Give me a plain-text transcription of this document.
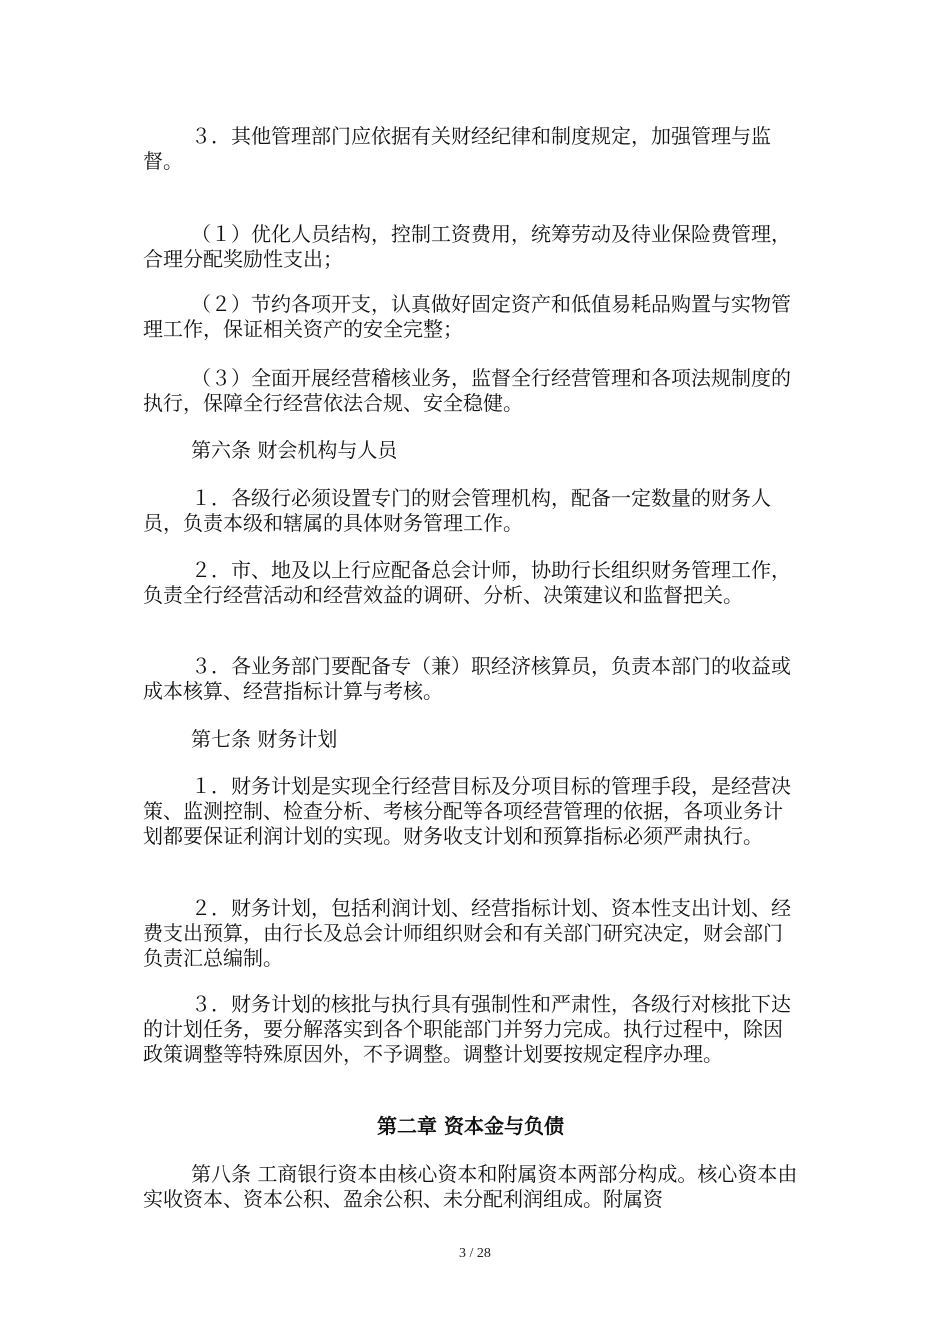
３．其他管理部门应依据有关财经纪律和制度规定，加强管理与监督。

（１）优化人员结构，控制工资费用，统筹劳动及待业保险费管理，合理分配奖励性支出；

（２）节约各项开支，认真做好固定资产和低值易耗品购置与实物管理工作，保证相关资产的安全完整；

（３）全面开展经营稽核业务，监督全行经营管理和各项法规制度的执行，保障全行经营依法合规、安全稳健。

第六条 财会机构与人员

１．各级行必须设置专门的财会管理机构，配备一定数量的财务人员，负责本级和辖属的具体财务管理工作。

２．市、地及以上行应配备总会计师，协助行长组织财务管理工作，负责全行经营活动和经营效益的调研、分析、决策建议和监督把关。

３．各业务部门要配备专（兼）职经济核算员，负责本部门的收益或成本核算、经营指标计算与考核。

第七条 财务计划

１．财务计划是实现全行经营目标及分项目标的管理手段，是经营决策、监测控制、检查分析、考核分配等各项经营管理的依据，各项业务计划都要保证利润计划的实现。财务收支计划和预算指标必须严肃执行。

２．财务计划，包括利润计划、经营指标计划、资本性支出计划、经费支出预算，由行长及总会计师组织财会和有关部门研究决定，财会部门负责汇总编制。

３．财务计划的核批与执行具有强制性和严肃性，各级行对核批下达的计划任务，要分解落实到各个职能部门并努力完成。执行过程中，除因政策调整等特殊原因外，不予调整。调整计划要按规定程序办理。

第二章 资本金与负债

第八条 工商银行资本由核心资本和附属资本两部分构成。核心资本由实收资本、资本公积、盈余公积、未分配利润组成。附属资

3 / 28
